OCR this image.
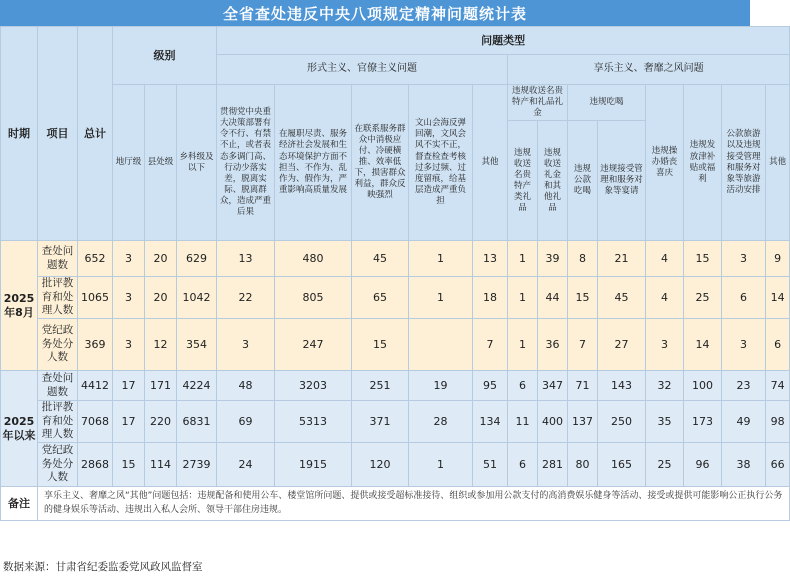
全省查处违反中央八项规定精神问题统计表
时期	项目	总计	级别			问题类型												
						形式主义、官僚主义问题					享乐主义、奢靡之风问题							
			地厅级	县处级	乡科级及以下	贯彻党中央重大决策部署有令不行、有禁不止，或者表态多调门高、行动少落实差，脱离实际、脱离群众，造成严重后果	在履职尽责、服务经济社会发展和生态环境保护方面不担当、不作为、乱作为、假作为，严重影响高质量发展	在联系服务群众中消极应付、冷硬横推、效率低下，损害群众利益，群众反映强烈	文山会海反弹回潮，文风会风不实不正，督查检查考核过多过频、过度留痕，给基层造成严重负担	其他	违规收送名贵特产和礼品礼金		违规吃喝		违规操办婚丧喜庆	违规发放津补贴或福利	公款旅游以及违规接受管理和服务对象等旅游活动安排	其他
											违规收送名贵特产类礼品	违规收送礼金和其他礼品	违规公款吃喝	违规接受管理和服务对象等宴请				
2025年8月	查处问题数	652	3	20	629	13	480	45	1	13	1	39	8	21	4	15	3	9
	批评教育和处理人数	1065	3	20	1042	22	805	65	1	18	1	44	15	45	4	25	6	14
	党纪政务处分人数	369	3	12	354	3	247	15		7	1	36	7	27	3	14	3	6
2025年以来	查处问题数	4412	17	171	4224	48	3203	251	19	95	6	347	71	143	32	100	23	74
	批评教育和处理人数	7068	17	220	6831	69	5313	371	28	134	11	400	137	250	35	173	49	98
	党纪政务处分人数	2868	15	114	2739	24	1915	120	1	51	6	281	80	165	25	96	38	66
备注	享乐主义、奢靡之风“其他”问题包括：违规配备和使用公车、楼堂馆所问题、提供或接受超标准接待、组织或参加用公款支付的高消费娱乐健身等活动、接受或提供可能影响公正执行公务的健身娱乐等活动、违规出入私人会所、领导干部住房违规。																	
数据来源：甘肃省纪委监委党风政风监督室
